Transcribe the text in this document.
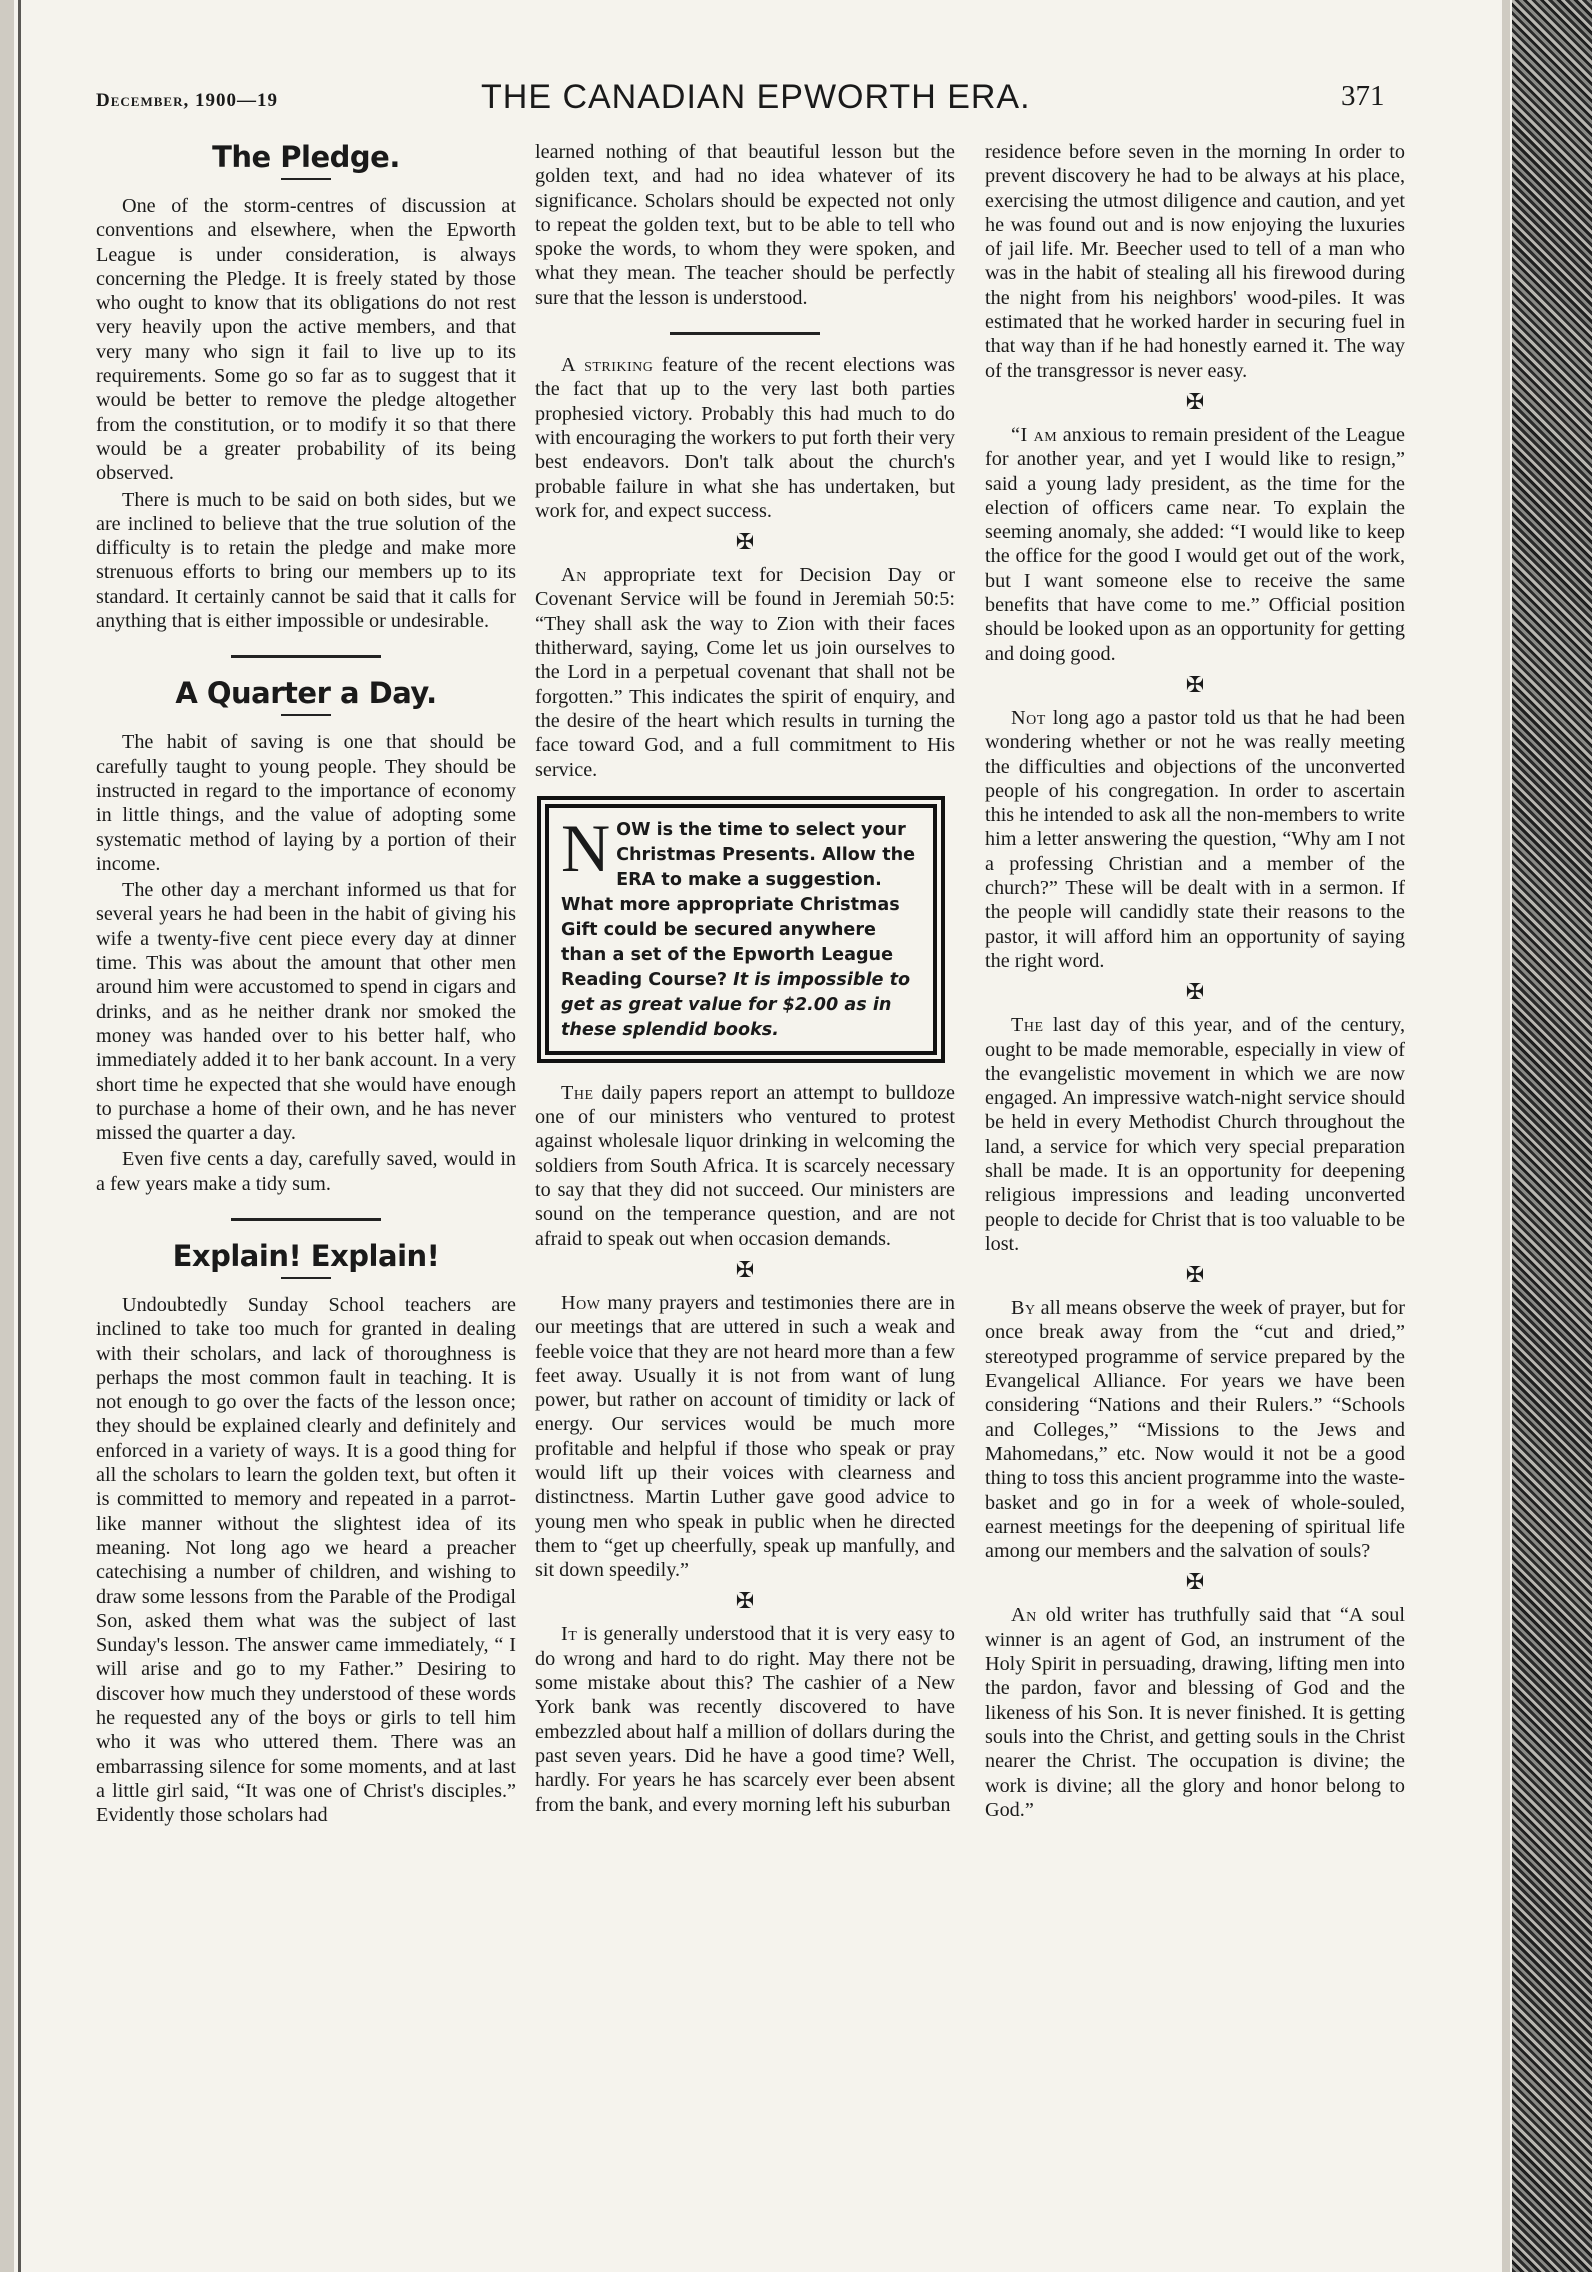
December, 1900—19	THE CANADIAN EPWORTH ERA.	371
The Pledge.

One of the storm-centres of discussion at conventions and elsewhere, when the Epworth League is under consideration, is always concerning the Pledge. It is freely stated by those who ought to know that its obligations do not rest very heavily upon the active members, and that very many who sign it fail to live up to its requirements. Some go so far as to suggest that it would be better to remove the pledge altogether from the constitution, or to modify it so that there would be a greater probability of its being observed.

There is much to be said on both sides, but we are inclined to believe that the true solution of the difficulty is to retain the pledge and make more strenuous efforts to bring our members up to its standard. It certainly cannot be said that it calls for anything that is either impossible or undesirable.

A Quarter a Day.

The habit of saving is one that should be carefully taught to young people. They should be instructed in regard to the importance of economy in little things, and the value of adopting some systematic method of laying by a portion of their income.

The other day a merchant informed us that for several years he had been in the habit of giving his wife a twenty-five cent piece every day at dinner time. This was about the amount that other men around him were accustomed to spend in cigars and drinks, and as he neither drank nor smoked the money was handed over to his better half, who immediately added it to her bank account. In a very short time he expected that she would have enough to purchase a home of their own, and he has never missed the quarter a day.

Even five cents a day, carefully saved, would in a few years make a tidy sum.

Explain! Explain!

Undoubtedly Sunday School teachers are inclined to take too much for granted in dealing with their scholars, and lack of thoroughness is perhaps the most common fault in teaching. It is not enough to go over the facts of the lesson once; they should be explained clearly and definitely and enforced in a variety of ways. It is a good thing for all the scholars to learn the golden text, but often it is committed to memory and repeated in a parrot-like manner without the slightest idea of its meaning. Not long ago we heard a preacher catechising a number of children, and wishing to draw some lessons from the Parable of the Prodigal Son, asked them what was the subject of last Sunday's lesson. The answer came immediately, “ I will arise and go to my Father.” Desiring to discover how much they understood of these words he requested any of the boys or girls to tell him who it was who uttered them. There was an embarrassing silence for some moments, and at last a little girl said, “It was one of Christ's disciples.” Evidently those scholars had

learned nothing of that beautiful lesson but the golden text, and had no idea whatever of its significance. Scholars should be expected not only to repeat the golden text, but to be able to tell who spoke the words, to whom they were spoken, and what they mean. The teacher should be perfectly sure that the lesson is understood.

A striking feature of the recent elections was the fact that up to the very last both parties prophesied victory. Probably this had much to do with encouraging the workers to put forth their very best endeavors. Don't talk about the church's probable failure in what she has undertaken, but work for, and expect success.

✠

An appropriate text for Decision Day or Covenant Service will be found in Jeremiah 50:5: “They shall ask the way to Zion with their faces thitherward, saying, Come let us join ourselves to the Lord in a perpetual covenant that shall not be forgotten.” This indicates the spirit of enquiry, and the desire of the heart which results in turning the face toward God, and a full commitment to His service.

N OW is the time to select your Christmas Presents. Allow the ERA to make a suggestion. What more appropriate Christmas Gift could be secured anywhere than a set of the Epworth League Reading Course? It is impossible to get as great value for $2.00 as in these splendid books.

The daily papers report an attempt to bulldoze one of our ministers who ventured to protest against wholesale liquor drinking in welcoming the soldiers from South Africa. It is scarcely necessary to say that they did not succeed. Our ministers are sound on the temperance question, and are not afraid to speak out when occasion demands.

✠

How many prayers and testimonies there are in our meetings that are uttered in such a weak and feeble voice that they are not heard more than a few feet away. Usually it is not from want of lung power, but rather on account of timidity or lack of energy. Our services would be much more profitable and helpful if those who speak or pray would lift up their voices with clearness and distinctness. Martin Luther gave good advice to young men who speak in public when he directed them to “get up cheerfully, speak up manfully, and sit down speedily.”

✠

It is generally understood that it is very easy to do wrong and hard to do right. May there not be some mistake about this? The cashier of a New York bank was recently discovered to have embezzled about half a million of dollars during the past seven years. Did he have a good time? Well, hardly. For years he has scarcely ever been absent from the bank, and every morning left his suburban

residence before seven in the morning In order to prevent discovery he had to be always at his place, exercising the utmost diligence and caution, and yet he was found out and is now enjoying the luxuries of jail life. Mr. Beecher used to tell of a man who was in the habit of stealing all his firewood during the night from his neighbors' wood-piles. It was estimated that he worked harder in securing fuel in that way than if he had honestly earned it. The way of the transgressor is never easy.

✠

“I am anxious to remain president of the League for another year, and yet I would like to resign,” said a young lady president, as the time for the election of officers came near. To explain the seeming anomaly, she added: “I would like to keep the office for the good I would get out of the work, but I want someone else to receive the same benefits that have come to me.” Official position should be looked upon as an opportunity for getting and doing good.

✠

Not long ago a pastor told us that he had been wondering whether or not he was really meeting the difficulties and objections of the unconverted people of his congregation. In order to ascertain this he intended to ask all the non-members to write him a letter answering the question, “Why am I not a professing Christian and a member of the church?” These will be dealt with in a sermon. If the people will candidly state their reasons to the pastor, it will afford him an opportunity of saying the right word.

✠

The last day of this year, and of the century, ought to be made memorable, especially in view of the evangelistic movement in which we are now engaged. An impressive watch-night service should be held in every Methodist Church throughout the land, a service for which very special preparation shall be made. It is an opportunity for deepening religious impressions and leading unconverted people to decide for Christ that is too valuable to be lost.

✠

By all means observe the week of prayer, but for once break away from the “cut and dried,” stereotyped programme of service prepared by the Evangelical Alliance. For years we have been considering “Nations and their Rulers.” “Schools and Colleges,” “Missions to the Jews and Mahomedans,” etc. Now would it not be a good thing to toss this ancient programme into the waste-basket and go in for a week of whole-souled, earnest meetings for the deepening of spiritual life among our members and the salvation of souls?

✠

An old writer has truthfully said that “A soul winner is an agent of God, an instrument of the Holy Spirit in persuading, drawing, lifting men into the pardon, favor and blessing of God and the likeness of his Son. It is never finished. It is getting souls into the Christ, and getting souls in the Christ nearer the Christ. The occupation is divine; the work is divine; all the glory and honor belong to God.”
